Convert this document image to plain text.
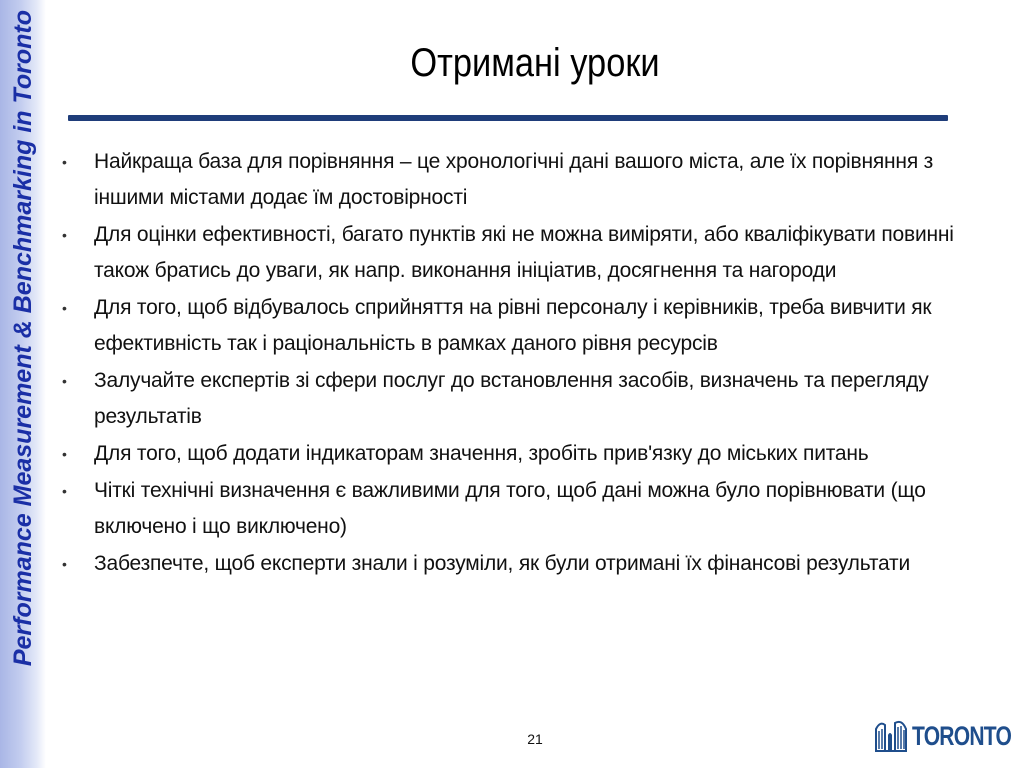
Performance Measurement & Benchmarking in Toronto	Отримані уроки
•	Найкраща база для порівняння – це хронологічні дані вашого міста, але їх порівняння з іншими містами додає їм достовірності
•	Для оцінки ефективності, багато пунктів які не можна виміряти, або кваліфікувати повинні також братись до уваги, як напр. виконання ініціатив, досягнення та нагороди
•	Для того, щоб відбувалось сприйняття на рівні персоналу і керівників, треба вивчити як ефективність так і раціональність в рамках даного рівня ресурсів
•	Залучайте експертів зі сфери послуг до встановлення засобів, визначень та перегляду результатів
•	Для того, щоб додати індикаторам значення, зробіть прив'язку до міських питань
•	Чіткі технічні визначення є важливими для того, щоб дані можна було порівнювати (що включено і що виключено)
•	Забезпечте, щоб експерти знали і розуміли, як були отримані їх фінансові результати
21	TORONTO
